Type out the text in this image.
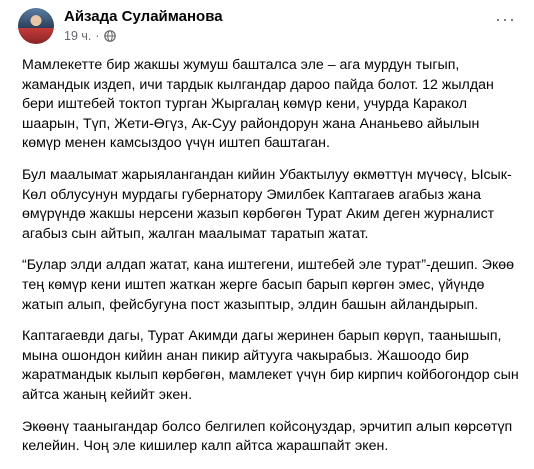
Айзада Сулайманова
19 ч. ·
···

Мамлекетте бир жакшы жумуш башталса эле – ага мурдун тыгып, жамандык издеп, ичи тардык кылгандар дароо пайда болот. 12 жылдан бери иштебей токтоп турган Жыргалаң көмүр кени, учурда Каракол шаарын, Түп, Жети-Өгүз, Ак-Суу райондорун жана Ананьево айылын көмүр менен камсыздоо үчүн иштеп баштаган.

Бул маалымат жарыялангандан кийин Убактылуу өкмөттүн мүчөсү, Ысык-Көл облусунун мурдагы губернатору Эмилбек Каптагаев агабыз жана өмүрүндө жакшы нерсени жазып көрбөгөн Турат Аким деген журналист агабыз сын айтып, жалган маалымат таратып жатат.

“Булар элди алдап жатат, кана иштегени, иштебей эле турат”-дешип. Экөө тең көмүр кени иштеп жаткан жерге басып барып көргөн эмес, үйүндө жатып алып, фейсбугуна пост жазыптыр, элдин башын айландырып.

Каптагаевди дагы, Турат Акимди дагы жеринен барып көрүп, таанышып, мына ошондон кийин анан пикир айтууга чакырабыз. Жашоодо бир жаратмандык кылып көрбөгөн, мамлекет үчүн бир кирпич койбогондор сын айтса жаның кейийт экен.

Экөөнү тааныгандар болсо белгилеп койсоңуздар, эрчитип алып көрсөтүп келейин. Чоң эле кишилер калп айтса жарашпайт экен.
